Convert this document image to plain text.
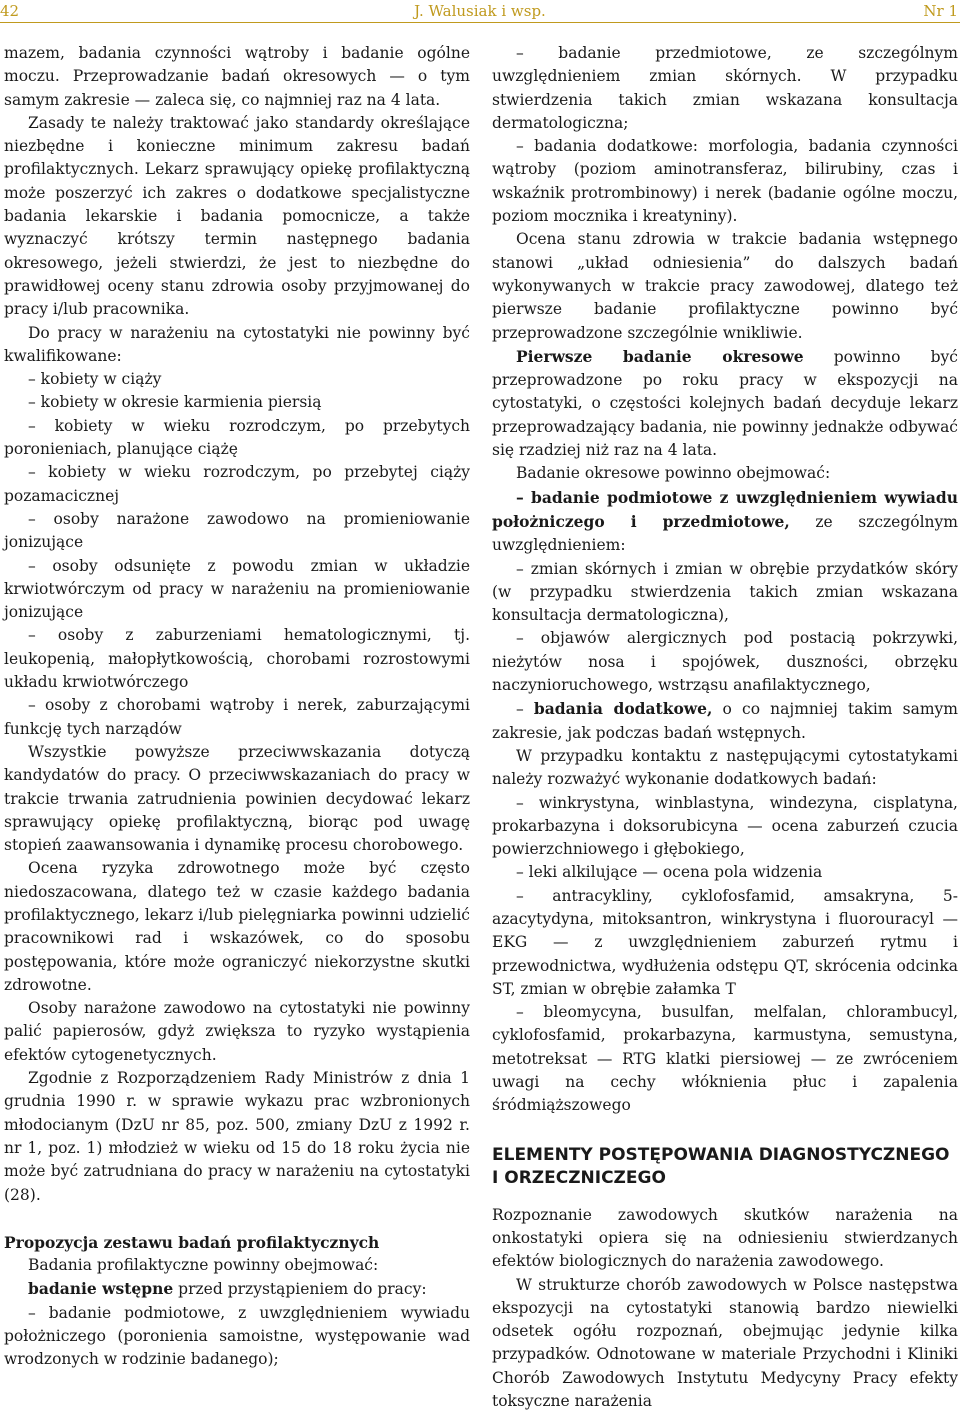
42	J. Walusiak i wsp.	Nr 1

mazem, badania czynności wątroby i badanie ogólne moczu. Przeprowadzanie badań okresowych — o tym samym zakresie — zaleca się, co najmniej raz na 4 lata.

Zasady te należy traktować jako standardy określające niezbędne i konieczne minimum zakresu badań profilaktycznych. Lekarz sprawujący opiekę profilaktyczną może poszerzyć ich zakres o dodatkowe specjalistyczne badania lekarskie i badania pomocnicze, a także wyznaczyć krótszy termin następnego badania okresowego, jeżeli stwierdzi, że jest to niezbędne do prawidłowej oceny stanu zdrowia osoby przyjmowanej do pracy i/lub pracownika.

Do pracy w narażeniu na cytostatyki nie powinny być kwalifikowane:

– kobiety w ciąży

– kobiety w okresie karmienia piersią

– kobiety w wieku rozrodczym, po przebytych poronieniach, planujące ciążę

– kobiety w wieku rozrodczym, po przebytej ciąży pozamacicznej

– osoby narażone zawodowo na promieniowanie jonizujące

– osoby odsunięte z powodu zmian w układzie krwiotwórczym od pracy w narażeniu na promieniowanie jonizujące

– osoby z zaburzeniami hematologicznymi, tj. leukopenią, małopłytkowością, chorobami rozrostowymi układu krwiotwórczego

– osoby z chorobami wątroby i nerek, zaburzającymi funkcję tych narządów

Wszystkie powyższe przeciwwskazania dotyczą kandydatów do pracy. O przeciwwskazaniach do pracy w trakcie trwania zatrudnienia powinien decydować lekarz sprawujący opiekę profilaktyczną, biorąc pod uwagę stopień zaawansowania i dynamikę procesu chorobowego.

Ocena ryzyka zdrowotnego może być często niedoszacowana, dlatego też w czasie każdego badania profilaktycznego, lekarz i/lub pielęgniarka powinni udzielić pracownikowi rad i wskazówek, co do sposobu postępowania, które może ograniczyć niekorzystne skutki zdrowotne.

Osoby narażone zawodowo na cytostatyki nie powinny palić papierosów, gdyż zwiększa to ryzyko wystąpienia efektów cytogenetycznych.

Zgodnie z Rozporządzeniem Rady Ministrów z dnia 1 grudnia 1990 r. w sprawie wykazu prac wzbronionych młodocianym (DzU nr 85, poz. 500, zmiany DzU z 1992 r. nr 1, poz. 1) młodzież w wieku od 15 do 18 roku życia nie może być zatrudniana do pracy w narażeniu na cytostatyki (28).

Propozycja zestawu badań profilaktycznych

Badania profilaktyczne powinny obejmować:

badanie wstępne przed przystąpieniem do pracy:

– badanie podmiotowe, z uwzględnieniem wywiadu położniczego (poronienia samoistne, występowanie wad wrodzonych w rodzinie badanego);

– badanie przedmiotowe, ze szczególnym uwzględnieniem zmian skórnych. W przypadku stwierdzenia takich zmian wskazana konsultacja dermatologiczna;

– badania dodatkowe: morfologia, badania czynności wątroby (poziom aminotransferaz, bilirubiny, czas i wskaźnik protrombinowy) i nerek (badanie ogólne moczu, poziom mocznika i kreatyniny).

Ocena stanu zdrowia w trakcie badania wstępnego stanowi „układ odniesienia” do dalszych badań wykonywanych w trakcie pracy zawodowej, dlatego też pierwsze badanie profilaktyczne powinno być przeprowadzone szczególnie wnikliwie.

Pierwsze badanie okresowe powinno być przeprowadzone po roku pracy w ekspozycji na cytostatyki, o częstości kolejnych badań decyduje lekarz przeprowadzający badania, nie powinny jednakże odbywać się rzadziej niż raz na 4 lata.

Badanie okresowe powinno obejmować:

– badanie podmiotowe z uwzględnieniem wywiadu położniczego i przedmiotowe, ze szczególnym uwzględnieniem:

– zmian skórnych i zmian w obrębie przydatków skóry (w przypadku stwierdzenia takich zmian wskazana konsultacja dermatologiczna),

– objawów alergicznych pod postacią pokrzywki, nieżytów nosa i spojówek, duszności, obrzęku naczynioruchowego, wstrząsu anafilaktycznego,

– badania dodatkowe, o co najmniej takim samym zakresie, jak podczas badań wstępnych.

W przypadku kontaktu z następującymi cytostatykami należy rozważyć wykonanie dodatkowych badań:

– winkrystyna, winblastyna, windezyna, cisplatyna, prokarbazyna i doksorubicyna — ocena zaburzeń czucia powierzchniowego i głębokiego,

– leki alkilujące — ocena pola widzenia

– antracykliny, cyklofosfamid, amsakryna, 5-azacytydyna, mitoksantron, winkrystyna i fluorouracyl — EKG — z uwzględnieniem zaburzeń rytmu i przewodnictwa, wydłużenia odstępu QT, skrócenia odcinka ST, zmian w obrębie załamka T

– bleomycyna, busulfan, melfalan, chlorambucyl, cyklofosfamid, prokarbazyna, karmustyna, semustyna, metotreksat — RTG klatki piersiowej — ze zwróceniem uwagi na cechy włóknienia płuc i zapalenia śródmiąższowego

ELEMENTY POSTĘPOWANIA DIAGNOSTYCZNEGO I ORZECZNICZEGO

Rozpoznanie zawodowych skutków narażenia na onkostatyki opiera się na odniesieniu stwierdzanych efektów biologicznych do narażenia zawodowego.

W strukturze chorób zawodowych w Polsce następstwa ekspozycji na cytostatyki stanowią bardzo niewielki odsetek ogółu rozpoznań, obejmując jedynie kilka przypadków. Odnotowane w materiale Przychodni i Kliniki Chorób Zawodowych Instytutu Medycyny Pracy efekty toksyczne narażenia
